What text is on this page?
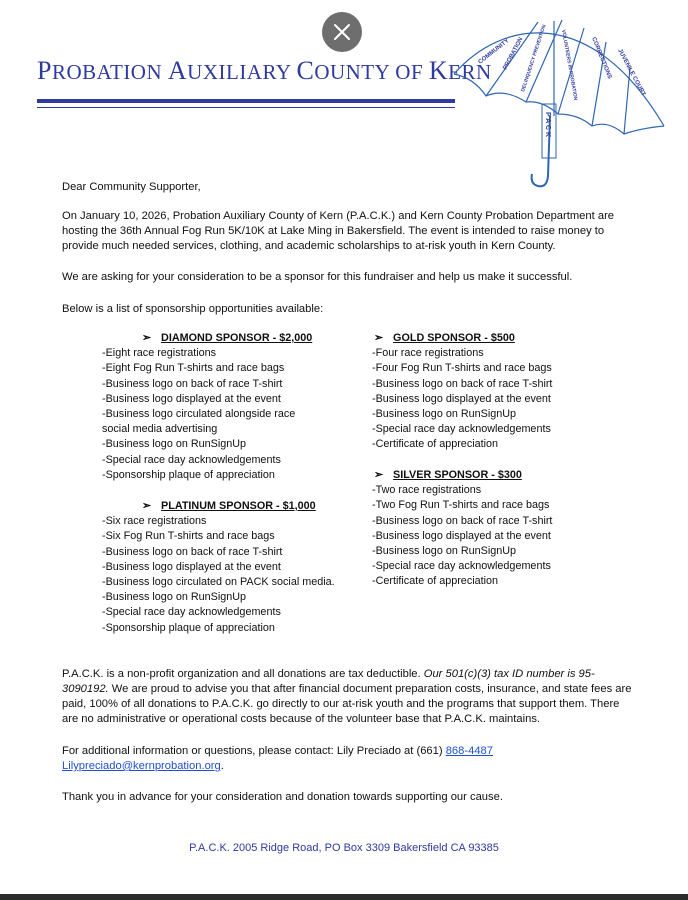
PROBATION AUXILIARY COUNTY OF KERN
COMMUNITY
PROBATION
DELINQUENCY PREVENTION VOLUNTEERS IN PROBATION CORRECTIONS JUVENILE COURT
P A C K
Dear Community Supporter,
On January 10, 2026, Probation Auxiliary County of Kern (P.A.C.K.) and Kern County Probation Department are hosting the 36th Annual Fog Run 5K/10K at Lake Ming in Bakersfield. The event is intended to raise money to provide much needed services, clothing, and academic scholarships to at-risk youth in Kern County.
We are asking for your consideration to be a sponsor for this fundraiser and help us make it successful.
Below is a list of sponsorship opportunities available:
➢ DIAMOND SPONSOR - $2,000
-Eight race registrations
-Eight Fog Run T-shirts and race bags
-Business logo on back of race T-shirt
-Business logo displayed at the event
-Business logo circulated alongside race
social media advertising
-Business logo on RunSignUp
-Special race day acknowledgements
-Sponsorship plaque of appreciation
➢ PLATINUM SPONSOR - $1,000
-Six race registrations
-Six Fog Run T-shirts and race bags
-Business logo on back of race T-shirt
-Business logo displayed at the event
-Business logo circulated on PACK social media.
-Business logo on RunSignUp
-Special race day acknowledgements
-Sponsorship plaque of appreciation
➢ GOLD SPONSOR - $500
-Four race registrations
-Four Fog Run T-shirts and race bags
-Business logo on back of race T-shirt
-Business logo displayed at the event
-Business logo on RunSignUp
-Special race day acknowledgements
-Certificate of appreciation
➢ SILVER SPONSOR - $300
-Two race registrations
-Two Fog Run T-shirts and race bags
-Business logo on back of race T-shirt
-Business logo displayed at the event
-Business logo on RunSignUp
-Special race day acknowledgements
-Certificate of appreciation
P.A.C.K. is a non-profit organization and all donations are tax deductible. Our 501(c)(3) tax ID number is 95-3090192. We are proud to advise you that after financial document preparation costs, insurance, and state fees are paid, 100% of all donations to P.A.C.K. go directly to our at-risk youth and the programs that support them. There are no administrative or operational costs because of the volunteer base that P.A.C.K. maintains.
For additional information or questions, please contact: Lily Preciado at (661) 868-4487
Lilypreciado@kernprobation.org.
Thank you in advance for your consideration and donation towards supporting our cause.
P.A.C.K. 2005 Ridge Road, PO Box 3309 Bakersfield CA 93385
